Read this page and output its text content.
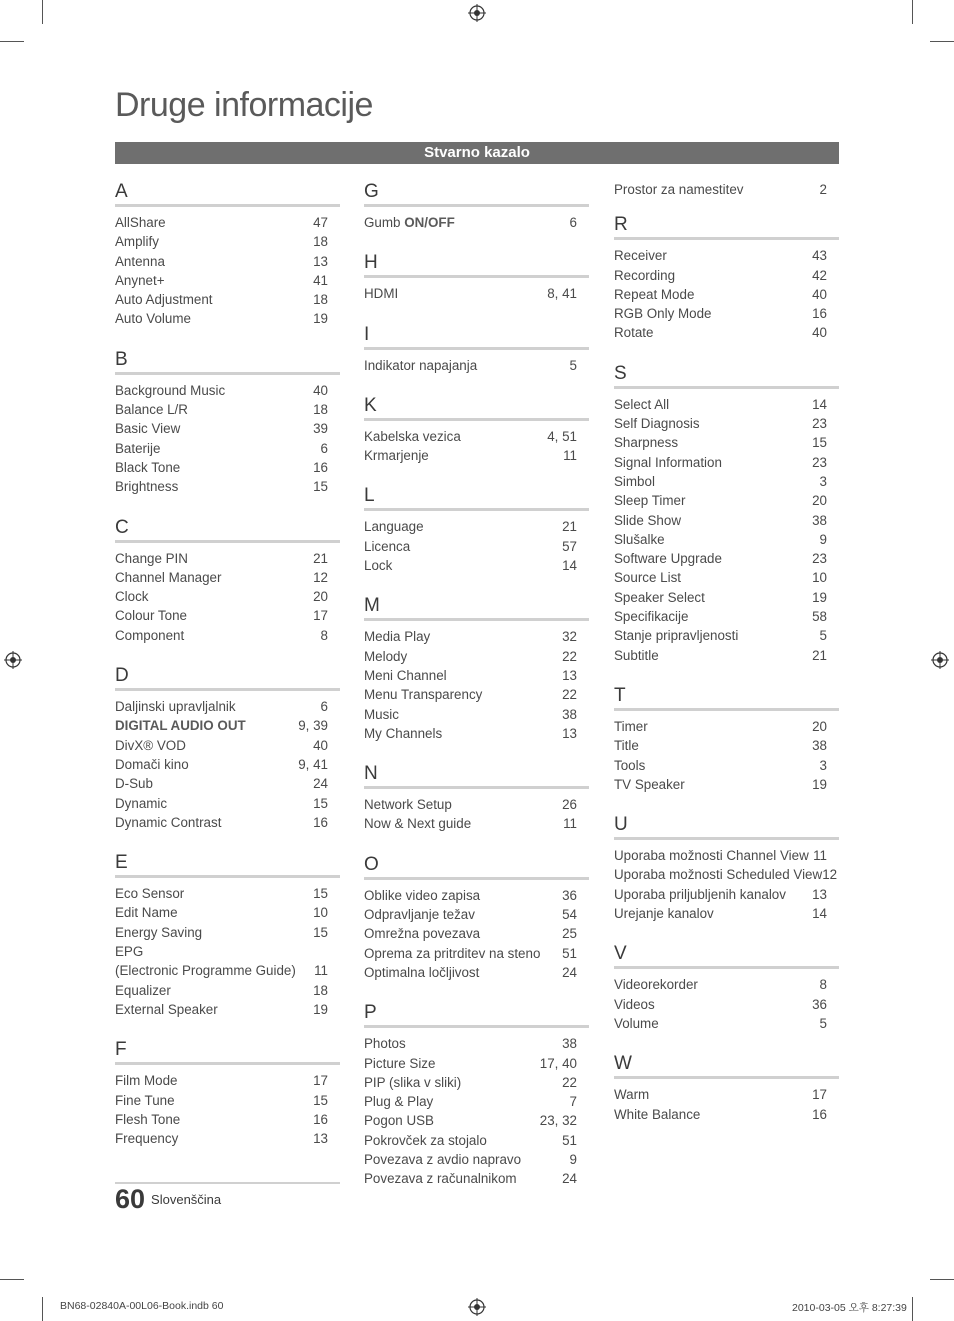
Druge informacije
Stvarno kazalo
A
AllShare	47
Amplify	18
Antenna	13
Anynet+	41
Auto Adjustment	18
Auto Volume	19
B
Background Music	40
Balance L/R	18
Basic View	39
Baterije	6
Black Tone	16
Brightness	15
C
Change PIN	21
Channel Manager	12
Clock	20
Colour Tone	17
Component	8
D
Daljinski upravljalnik	6
DIGITAL AUDIO OUT	9, 39
DivX® VOD	40
Domači kino	9, 41
D-Sub	24
Dynamic	15
Dynamic Contrast	16
E
Eco Sensor	15
Edit Name	10
Energy Saving	15
EPG
(Electronic Programme Guide) 11
Equalizer	18
External Speaker	19
F
Film Mode	17
Fine Tune	15
Flesh Tone	16
Frequency	13
G
Gumb ON/OFF	6
H
HDMI	8, 41
I
Indikator napajanja	5
K
Kabelska vezica	4, 51
Krmarjenje	11
L
Language	21
Licenca	57
Lock	14
M
Media Play	32
Melody	22
Meni Channel	13
Menu Transparency	22
Music	38
My Channels	13
N
Network Setup	26
Now & Next guide	11
O
Oblike video zapisa	36
Odpravljanje težav	54
Omrežna povezava	25
Oprema za pritrditev na steno 51
Optimalna ločljivost	24
P
Photos	38
Picture Size	17, 40
PIP (slika v sliki)	22
Plug & Play	7
Pogon USB	23, 32
Pokrovček za stojalo	51
Povezava z avdio napravo	9
Povezava z računalnikom	24
Prostor za namestitev	2
R
Receiver	43
Recording	42
Repeat Mode	40
RGB Only Mode	16
Rotate	40
S
Select All	14
Self Diagnosis	23
Sharpness	15
Signal Information	23
Simbol	3
Sleep Timer	20
Slide Show	38
Slušalke	9
Software Upgrade	23
Source List	10
Speaker Select	19
Specifikacije	58
Stanje pripravljenosti	5
Subtitle	21
T
Timer	20
Title	38
Tools	3
TV Speaker	19
U
Uporaba možnosti Channel View 11
Uporaba možnosti Scheduled View 12
Uporaba priljubljenih kanalov 13
Urejanje kanalov	14
V
Videorekorder	8
Videos	36
Volume	5
W
Warm	17
White Balance	16
60 Slovenščina
BN68-02840A-00L06-Book.indb 60	2010-03-05 오후 8:27:39
